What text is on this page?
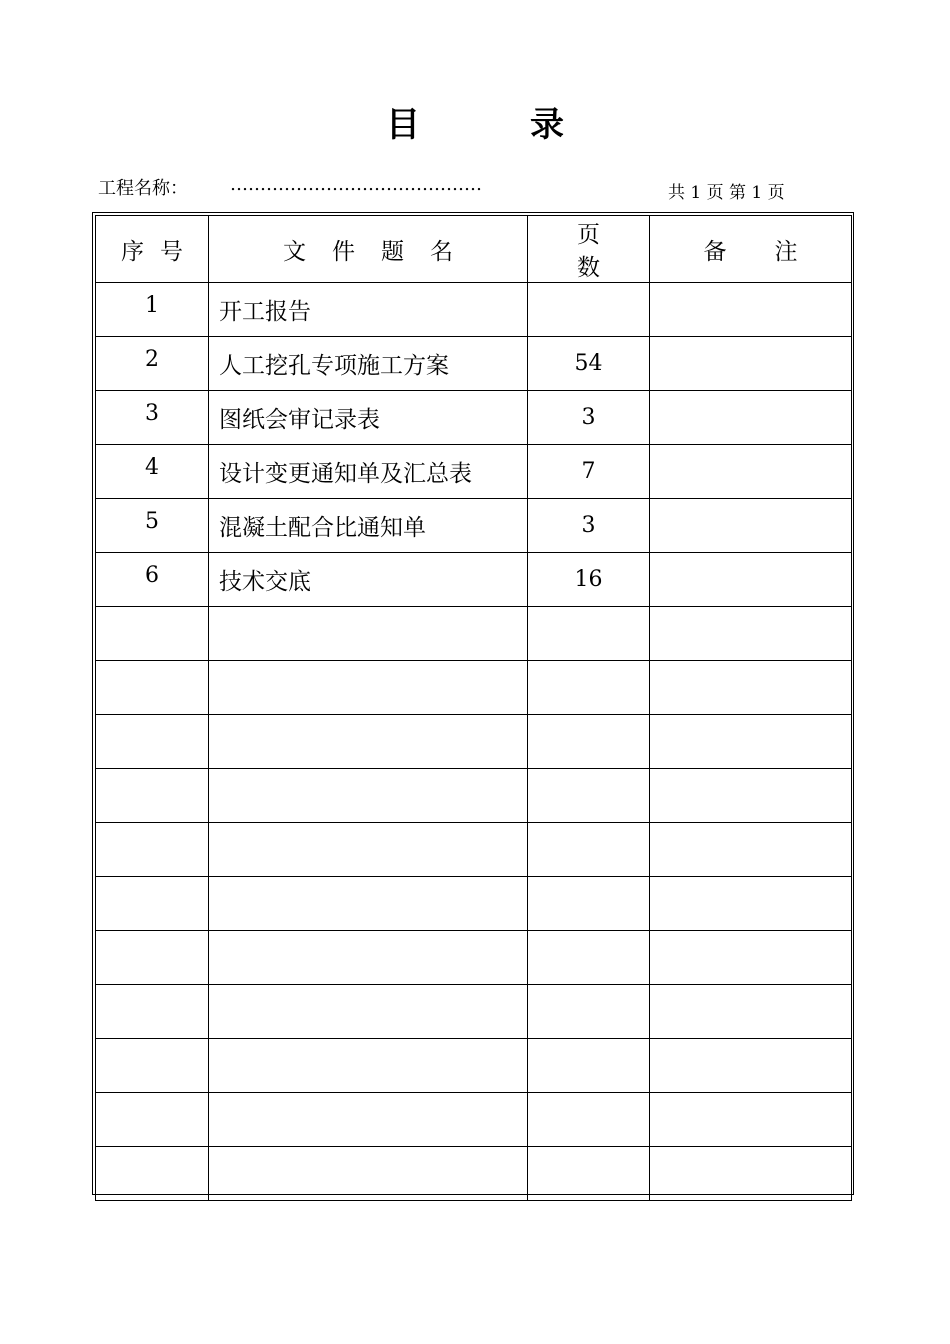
目录
工程名称： ……………………………………	共 1 页 第 1 页
序号	文件题名	页数	备注

1	开工报告		
2	人工挖孔专项施工方案	54	
3	图纸会审记录表	3	
4	设计变更通知单及汇总表	7	
5	混凝土配合比通知单	3	
6	技术交底	16	
